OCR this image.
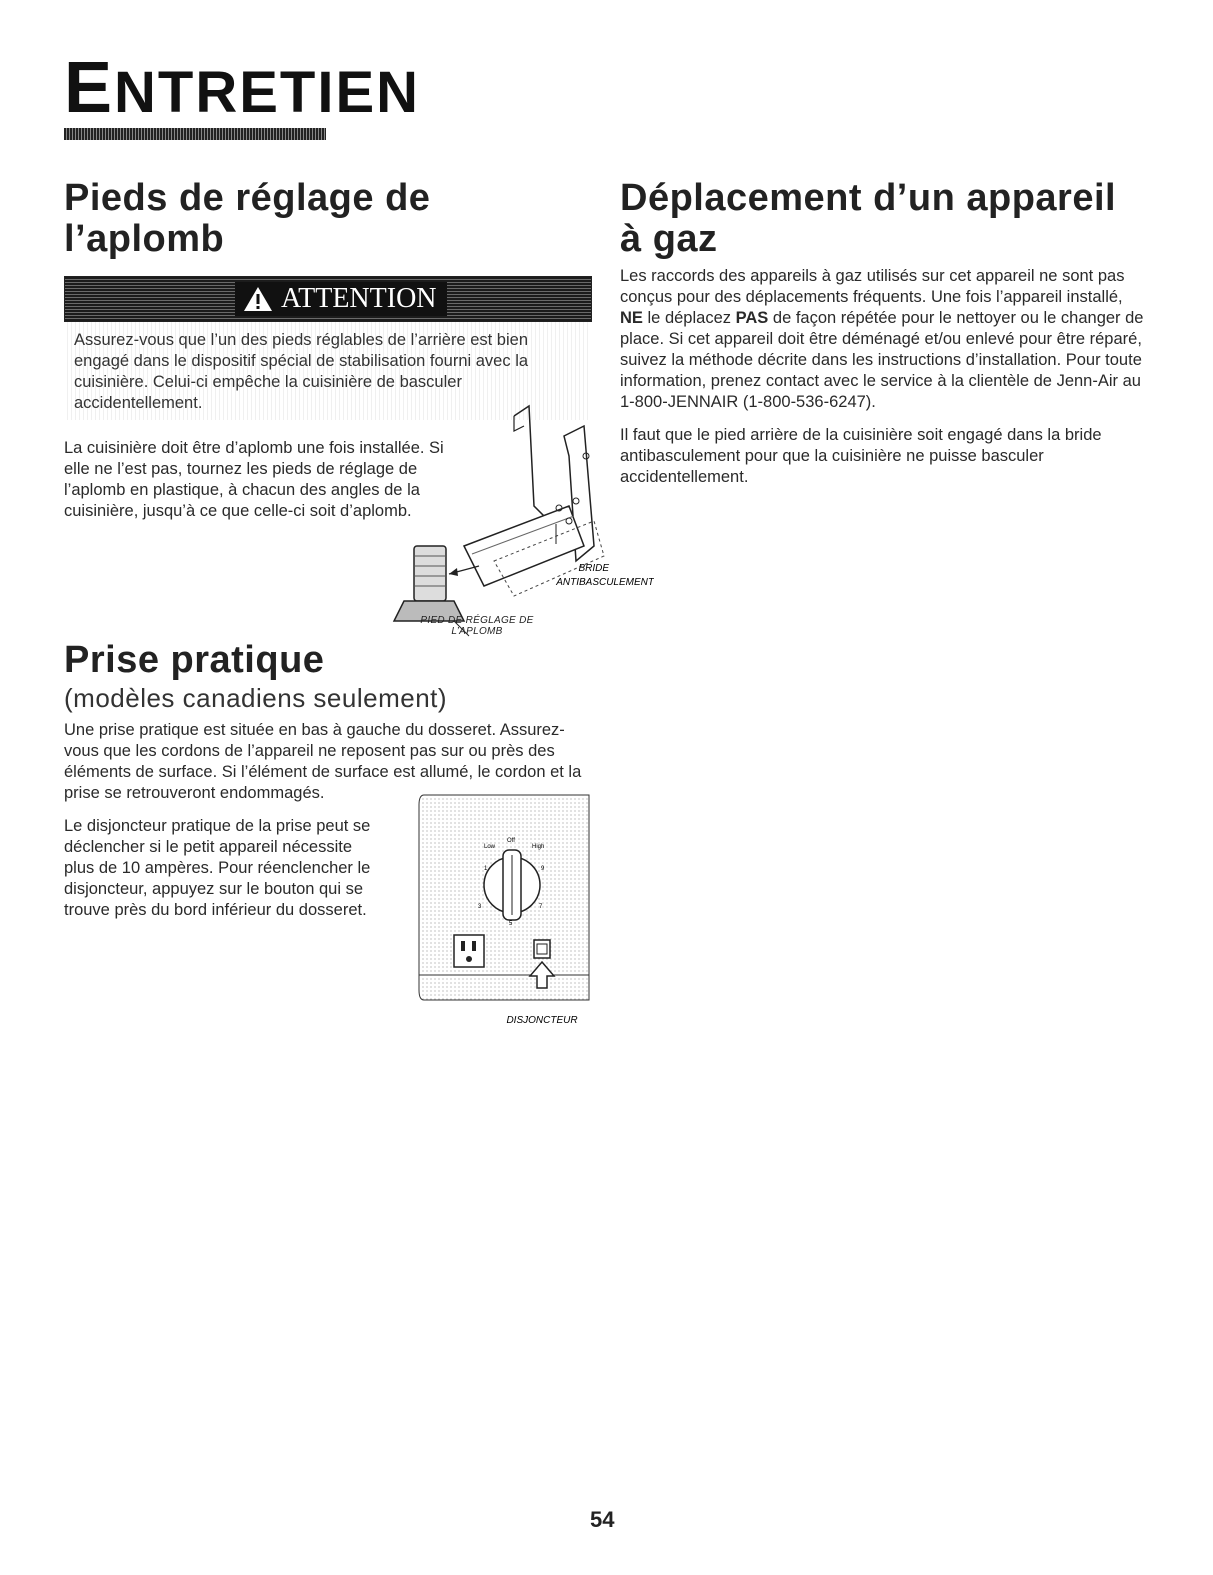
ENTRETIEN
Pieds de réglage de l’aplomb
ATTENTION
Assurez-vous que l’un des pieds réglables de l’arrière est bien engagé dans le dispositif spécial de stabilisation fourni avec la cuisinière. Celui-ci empêche la cuisinière de basculer accidentellement.

La cuisinière doit être d’aplomb une fois installée. Si elle ne l’est pas, tournez les pieds de réglage de l’aplomb en plastique, à chacun des angles de la cuisinière, jusqu’à ce que celle-ci soit d’aplomb.

BRIDE
ANTIBASCULEMENT
PIED DE RÉGLAGE DE
L’APLOMB
Prise pratique
(modèles canadiens seulement)

Une prise pratique est située en bas à gauche du dosseret. Assurez-vous que les cordons de l’appareil ne reposent pas sur ou près des éléments de surface. Si l’élément de surface est allumé, le cordon et la prise se retrouveront endommagés.

Le disjoncteur pratique de la prise peut se déclencher si le petit appareil nécessite plus de 10 ampères. Pour réenclencher le disjoncteur, appuyez sur le bouton qui se trouve près du bord inférieur du dosseret.

Low
Off
High
1
3
5
7
9
DISJONCTEUR
Déplacement d’un appareil à gaz

Les raccords des appareils à gaz utilisés sur cet appareil ne sont pas conçus pour des déplacements fréquents. Une fois l’appareil installé, NE le déplacez PAS de façon répétée pour le nettoyer ou le changer de place. Si cet appareil doit être déménagé et/ou enlevé pour être réparé, suivez la méthode décrite dans les instructions d’installation. Pour toute information, prenez contact avec le service à la clientèle de Jenn-Air au 1-800-JENNAIR (1-800-536-6247).

Il faut que le pied arrière de la cuisinière soit engagé dans la bride antibasculement pour que la cuisinière ne puisse basculer accidentellement.

54
